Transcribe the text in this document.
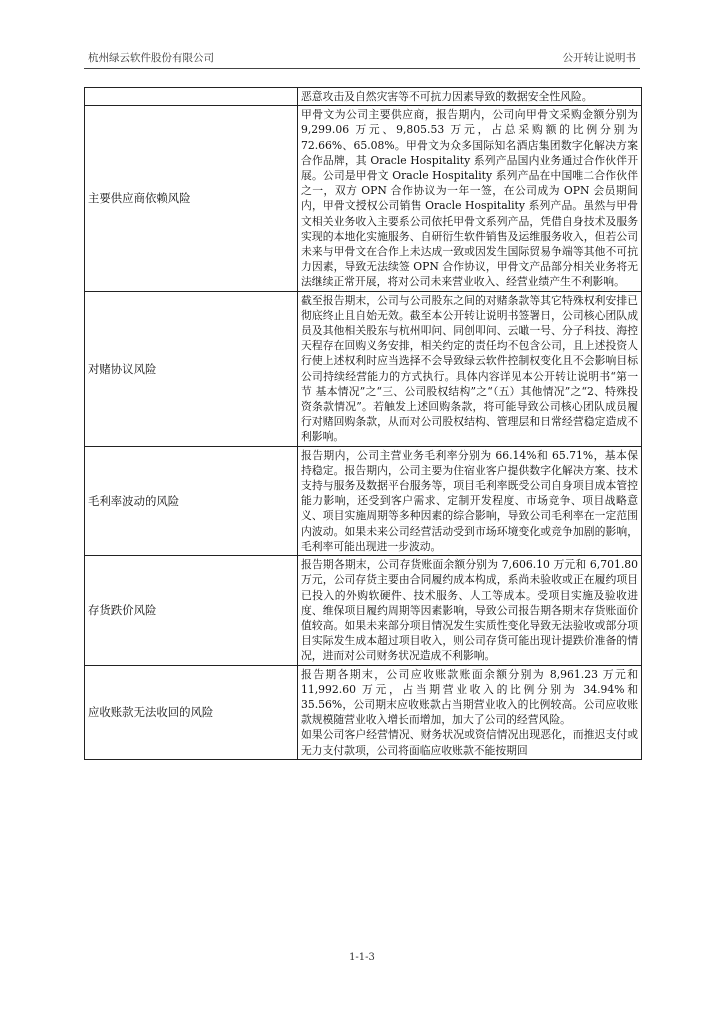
杭州绿云软件股份有限公司	公开转让说明书

	恶意攻击及自然灾害等不可抗力因素导致的数据安全性风险。

主要供应商依赖风险	甲骨文为公司主要供应商，报告期内，公司向甲骨文采购金额分别为 9,299.06 万元、9,805.53 万元，占总采购额的比例分别为 72.66%、65.08%。甲骨文为众多国际知名酒店集团数字化解决方案合作品牌，其 Oracle Hospitality 系列产品国内业务通过合作伙伴开展。公司是甲骨文 Oracle Hospitality 系列产品在中国唯二合作伙伴之一，双方 OPN 合作协议为一年一签，在公司成为 OPN 会员期间内，甲骨文授权公司销售 Oracle Hospitality 系列产品。虽然与甲骨文相关业务收入主要系公司依托甲骨文系列产品，凭借自身技术及服务实现的本地化实施服务、自研衍生软件销售及运维服务收入，但若公司未来与甲骨文在合作上未达成一致或因发生国际贸易争端等其他不可抗力因素，导致无法续签 OPN 合作协议，甲骨文产品部分相关业务将无法继续正常开展，将对公司未来营业收入、经营业绩产生不利影响。

对赌协议风险	截至报告期末，公司与公司股东之间的对赌条款等其它特殊权利安排已彻底终止且自始无效。截至本公开转让说明书签署日，公司核心团队成员及其他相关股东与杭州叩问、同创叩问、云噉一号、分子科技、海控天程存在回购义务安排，相关约定的责任均不包含公司，且上述投资人行使上述权利时应当选择不会导致绿云软件控制权变化且不会影响目标公司持续经营能力的方式执行。具体内容详见本公开转让说明书“第一节 基本情况”之“三、公司股权结构”之“（五）其他情况”之“2、特殊投资条款情况”。若触发上述回购条款，将可能导致公司核心团队成员履行对赌回购条款，从而对公司股权结构、管理层和日常经营稳定造成不利影响。

毛利率波动的风险	报告期内，公司主营业务毛利率分别为 66.14%和 65.71%，基本保持稳定。报告期内，公司主要为住宿业客户提供数字化解决方案、技术支持与服务及数据平台服务等，项目毛利率既受公司自身项目成本管控能力影响，还受到客户需求、定制开发程度、市场竞争、项目战略意义、项目实施周期等多种因素的综合影响，导致公司毛利率在一定范围内波动。如果未来公司经营活动受到市场环境变化或竞争加剧的影响，毛利率可能出现进一步波动。

存货跌价风险	报告期各期末，公司存货账面余额分别为 7,606.10 万元和 6,701.80 万元，公司存货主要由合同履约成本构成，系尚未验收或正在履约项目已投入的外购软硬件、技术服务、人工等成本。受项目实施及验收进度、维保项目履约周期等因素影响，导致公司报告期各期末存货账面价值较高。如果未来部分项目情况发生实质性变化导致无法验收或部分项目实际发生成本超过项目收入，则公司存货可能出现计提跌价准备的情况，进而对公司财务状况造成不利影响。

应收账款无法收回的风险	报告期各期末，公司应收账款账面余额分别为 8,961.23 万元和 11,992.60 万元，占当期营业收入的比例分别为 34.94%和 35.56%，公司期末应收账款占当期营业收入的比例较高。公司应收账款规模随营业收入增长而增加，加大了公司的经营风险。

如果公司客户经营情况、财务状况或资信情况出现恶化，而推迟支付或无力支付款项，公司将面临应收账款不能按期回

1-1-3
